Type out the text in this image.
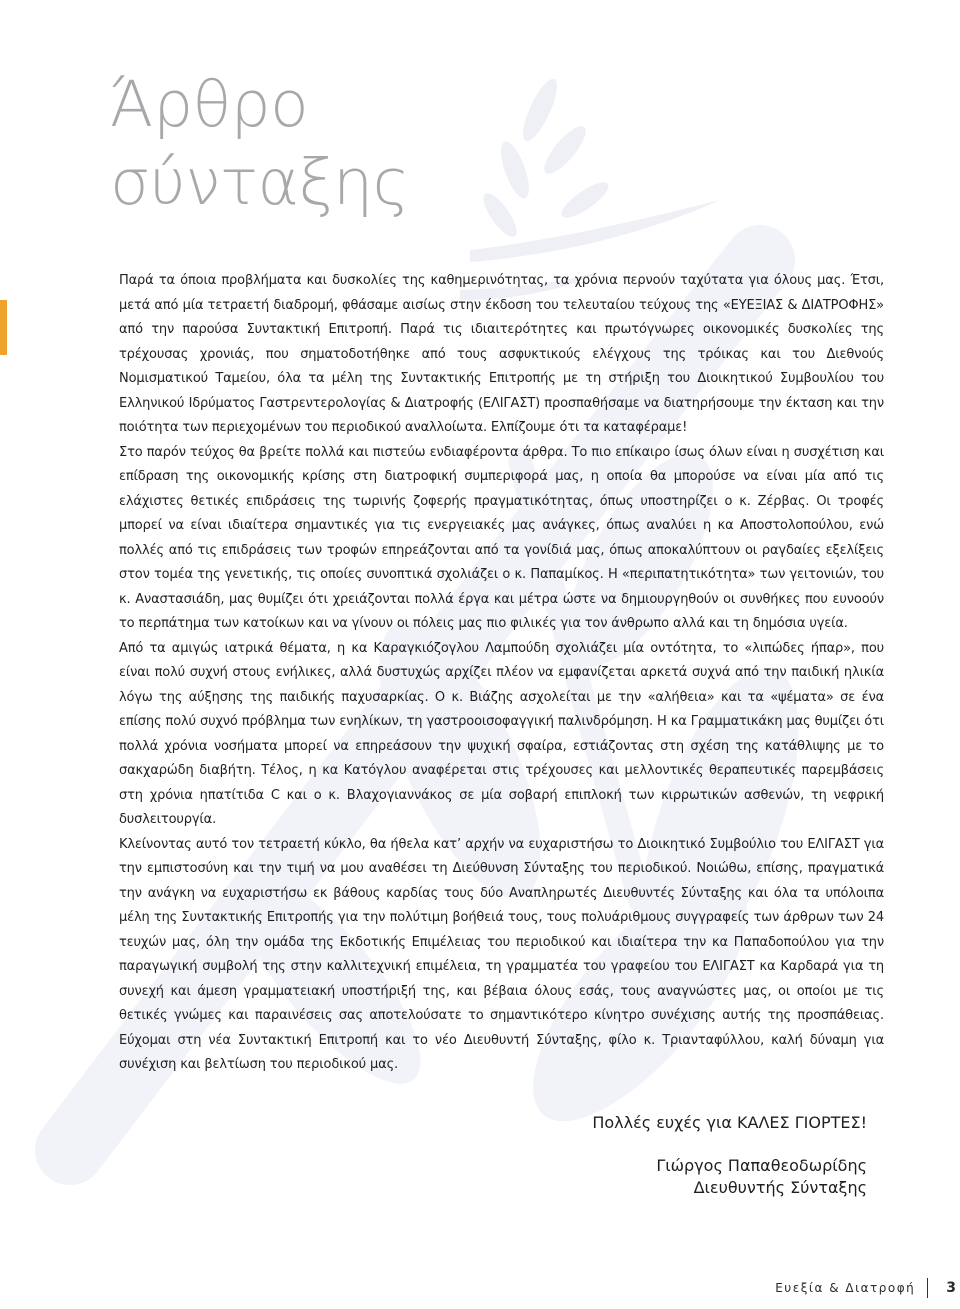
Άρθρο
σύνταξης

Παρά τα όποια προβλήματα και δυσκολίες της καθημερινότητας, τα χρόνια περνούν ταχύτατα για όλους μας. Έτσι, μετά από μία τετραετή διαδρομή, φθάσαμε αισίως στην έκδοση του τελευταίου τεύχους της «ΕΥΕΞΙΑΣ & ΔΙΑΤΡΟΦΗΣ» από την παρούσα Συντακτική Επιτροπή. Παρά τις ιδιαιτερότητες και πρωτόγνωρες οικονομικές δυσκολίες της τρέχουσας χρονιάς, που σηματοδοτήθηκε από τους ασφυκτικούς ελέγχους της τρόικας και του Διεθνούς Νομισματικού Ταμείου, όλα τα μέλη της Συντακτικής Επιτροπής με τη στήριξη του Διοικητικού Συμβουλίου του Ελληνικού Ιδρύματος Γαστρεντερολογίας & Διατροφής (ΕΛΙΓΑΣΤ) προσπαθήσαμε να διατηρήσουμε την έκταση και την ποιότητα των περιεχομένων του περιοδικού αναλλοίωτα. Ελπίζουμε ότι τα καταφέραμε!

Στο παρόν τεύχος θα βρείτε πολλά και πιστεύω ενδιαφέροντα άρθρα. Το πιο επίκαιρο ίσως όλων είναι η συσχέτιση και επίδραση της οικονομικής κρίσης στη διατροφική συμπεριφορά μας, η οποία θα μπορούσε να είναι μία από τις ελάχιστες θετικές επιδράσεις της τωρινής ζοφερής πραγματικότητας, όπως υποστηρίζει ο κ. Ζέρβας. Οι τροφές μπορεί να είναι ιδιαίτερα σημαντικές για τις ενεργειακές μας ανάγκες, όπως αναλύει η κα Αποστολοπούλου, ενώ πολλές από τις επιδράσεις των τροφών επηρεάζονται από τα γονίδιά μας, όπως αποκαλύπτουν οι ραγδαίες εξελίξεις στον τομέα της γενετικής, τις οποίες συνοπτικά σχολιάζει ο κ. Παπαμίκος. Η «περιπατητικότητα» των γειτονιών, του κ. Αναστασιάδη, μας θυμίζει ότι χρειάζονται πολλά έργα και μέτρα ώστε να δημιουργηθούν οι συνθήκες που ευνοούν το περπάτημα των κατοίκων και να γίνουν οι πόλεις μας πιο φιλικές για τον άνθρωπο αλλά και τη δημόσια υγεία.

Από τα αμιγώς ιατρικά θέματα, η κα Καραγκιόζογλου Λαμπούδη σχολιάζει μία οντότητα, το «λιπώδες ήπαρ», που είναι πολύ συχνή στους ενήλικες, αλλά δυστυχώς αρχίζει πλέον να εμφανίζεται αρκετά συχνά από την παιδική ηλικία λόγω της αύξησης της παιδικής παχυσαρκίας. Ο κ. Βιάζης ασχολείται με την «αλήθεια» και τα «ψέματα» σε ένα επίσης πολύ συχνό πρόβλημα των ενηλίκων, τη γαστροοισοφαγγική παλινδρόμηση. Η κα Γραμματικάκη μας θυμίζει ότι πολλά χρόνια νοσήματα μπορεί να επηρεάσουν την ψυχική σφαίρα, εστιάζοντας στη σχέση της κατάθλιψης με το σακχαρώδη διαβήτη. Τέλος, η κα Κατόγλου αναφέρεται στις τρέχουσες και μελλοντικές θεραπευτικές παρεμβάσεις στη χρόνια ηπατίτιδα C και ο κ. Βλαχογιαννάκος σε μία σοβαρή επιπλοκή των κιρρωτικών ασθενών, τη νεφρική δυσλειτουργία.

Κλείνοντας αυτό τον τετραετή κύκλο, θα ήθελα κατ’ αρχήν να ευχαριστήσω το Διοικητικό Συμβούλιο του ΕΛΙΓΑΣΤ για την εμπιστοσύνη και την τιμή να μου αναθέσει τη Διεύθυνση Σύνταξης του περιοδικού. Νοιώθω, επίσης, πραγματικά την ανάγκη να ευχαριστήσω εκ βάθους καρδίας τους δύο Αναπληρωτές Διευθυντές Σύνταξης και όλα τα υπόλοιπα μέλη της Συντακτικής Επιτροπής για την πολύτιμη βοήθειά τους, τους πολυάριθμους συγγραφείς των άρθρων των 24 τευχών μας, όλη την ομάδα της Εκδοτικής Επιμέλειας του περιοδικού και ιδιαίτερα την κα Παπαδοπούλου για την παραγωγική συμβολή της στην καλλιτεχνική επιμέλεια, τη γραμματέα του γραφείου του ΕΛΙΓΑΣΤ κα Καρδαρά για τη συνεχή και άμεση γραμματειακή υποστήριξή της, και βέβαια όλους εσάς, τους αναγνώστες μας, οι οποίοι με τις θετικές γνώμες και παραινέσεις σας αποτελούσατε το σημαντικότερο κίνητρο συνέχισης αυτής της προσπάθειας. Εύχομαι στη νέα Συντακτική Επιτροπή και το νέο Διευθυντή Σύνταξης, φίλο κ. Τριανταφύλλου, καλή δύναμη για συνέχιση και βελτίωση του περιοδικού μας.

Πολλές ευχές για ΚΑΛΕΣ ΓΙΟΡΤΕΣ!
Γιώργος Παπαθεοδωρίδης
Διευθυντής Σύνταξης
Ευεξία & Διατροφή 3
